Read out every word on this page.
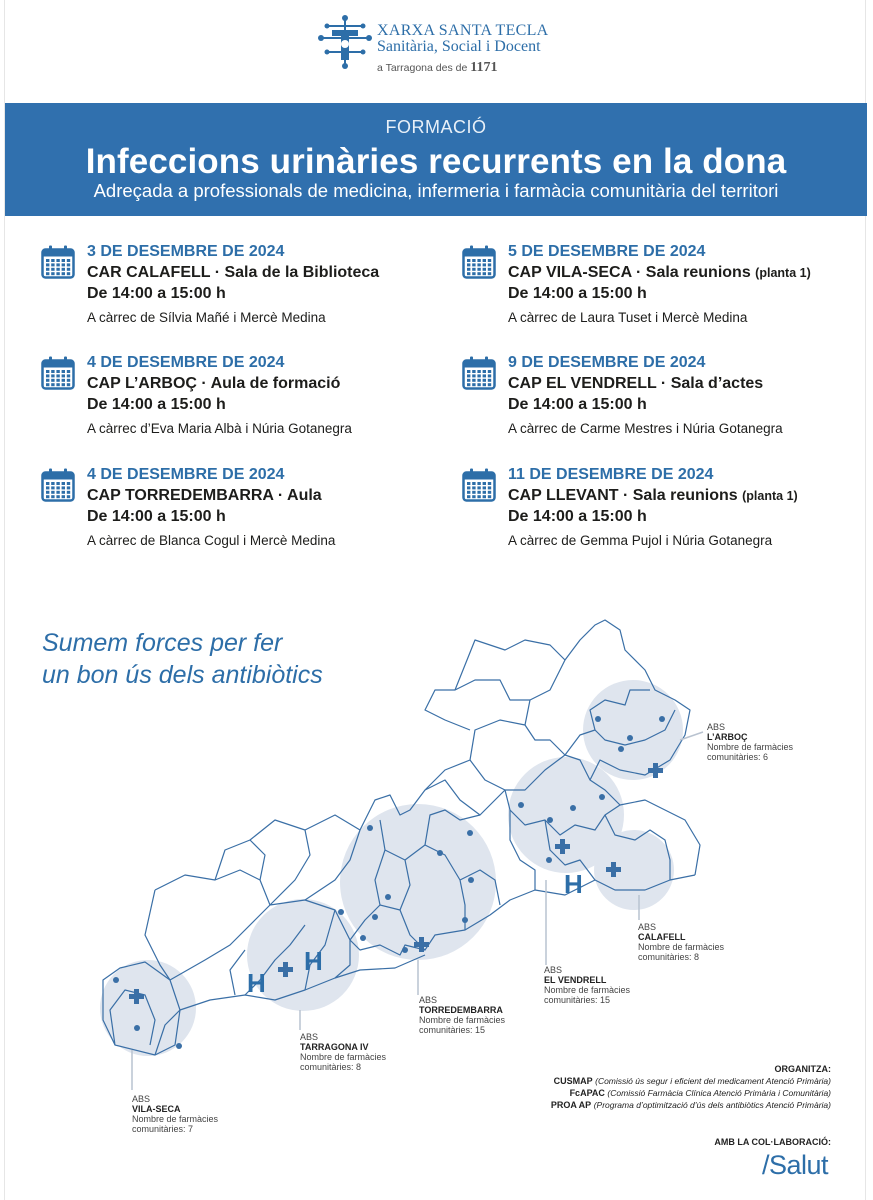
XARXA SANTA TECLA
Sanitària, Social i Docent
a Tarragona des de 1171
FORMACIÓ
Infeccions urinàries recurrents en la dona
Adreçada a professionals de medicina, infermeria i farmàcia comunitària del territori
3 DE DESEMBRE DE 2024
CAR CALAFELL · Sala de la Biblioteca
De 14:00 a 15:00 h
A càrrec de Sílvia Mañé i Mercè Medina
5 DE DESEMBRE DE 2024
CAP VILA-SECA · Sala reunions (planta 1)
De 14:00 a 15:00 h
A càrrec de Laura Tuset i Mercè Medina
4 DE DESEMBRE DE 2024
CAP L’ARBOÇ · Aula de formació
De 14:00 a 15:00 h
A càrrec d’Eva Maria Albà i Núria Gotanegra
9 DE DESEMBRE DE 2024
CAP EL VENDRELL · Sala d’actes
De 14:00 a 15:00 h
A càrrec de Carme Mestres i Núria Gotanegra
4 DE DESEMBRE DE 2024
CAP TORREDEMBARRA · Aula
De 14:00 a 15:00 h
A càrrec de Blanca Cogul i Mercè Medina
11 DE DESEMBRE DE 2024
CAP LLEVANT · Sala reunions (planta 1)
De 14:00 a 15:00 h
A càrrec de Gemma Pujol i Núria Gotanegra
Sumem forces per fer
un bon ús dels antibiòtics
H
H
H
ABS
L’ARBOÇ
Nombre de farmàcies
comunitàries: 6
ABS
CALAFELL
Nombre de farmàcies
comunitàries: 8
ABS
EL VENDRELL
Nombre de farmàcies
comunitàries: 15
ABS
TORREDEMBARRA
Nombre de farmàcies
comunitàries: 15
ABS
TARRAGONA IV
Nombre de farmàcies
comunitàries: 8
ABS
VILA-SECA
Nombre de farmàcies
comunitàries: 7
ORGANITZA:
CUSMAP (Comissió ús segur i eficient del medicament Atenció Primària)
FcAPAC (Comissió Farmàcia Clínica Atenció Primària i Comunitària)
PROA AP (Programa d’optimització d’ús dels antibiòtics Atenció Primària)
AMB LA COL·LABORACIÓ:
/Salut
